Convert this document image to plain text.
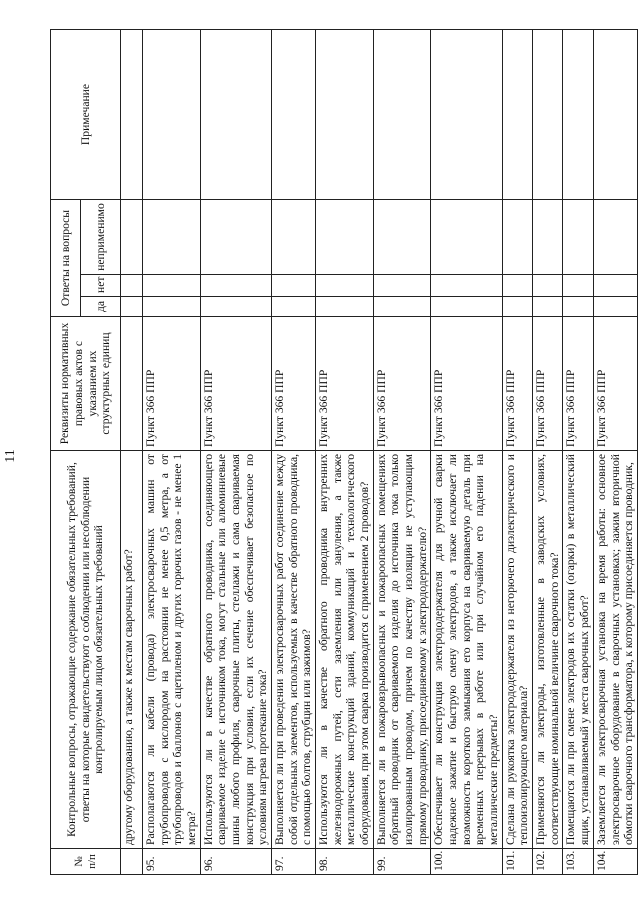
11
№ п/п	Контрольные вопросы, отражающие содержание обязательных требований, ответы на которые свидетельствуют о соблюдении или несоблюдении контролируемым лицом обязательных требований	Реквизиты нормативных правовых актов с указанием их структурных единиц	Ответы на вопросы			Примечание
			да	нет	неприменимо	
	другому оборудованию, а также к местам сварочных работ?					
95.	Располагаются ли кабели (провода) электросварочных машин от трубопроводов с кислородом на расстоянии не менее 0,5 метра, а от трубопроводов и баллонов с ацетиленом и других горючих газов - не менее 1 метра?	Пункт 366 ППР				
96.	Используются ли в качестве обратного проводника, соединяющего свариваемое изделие с источником тока, могут стальные или алюминиевые шины любого профиля, сварочные плиты, стеллажи и сама свариваемая конструкция при условии, если их сечение обеспечивает безопасное по условиям нагрева протекание тока?	Пункт 366 ППР				
97.	Выполняется ли при проведении электросварочных работ соединение между собой отдельных элементов, используемых в качестве обратного проводника, с помощью болтов, струбцин или зажимов?	Пункт 366 ППР				
98.	Используются ли в качестве обратного проводника внутренних железнодорожных путей, сети заземления или зануления, а также металлические конструкций зданий, коммуникаций и технологического оборудования, при этом сварка производится с применением 2 проводов?	Пункт 366 ППР				
99.	Выполняется ли в пожаровзрывоопасных и пожароопасных помещениях обратный проводник от свариваемого изделия до источника тока только изолированным проводом, причем по качеству изоляции не уступающим прямому проводнику, присоединяемому к электрододержателю?	Пункт 366 ППР				
100.	Обеспечивает ли конструкция электрододержателя для ручной сварки надежное зажатие и быструю смену электродов, а также исключает ли возможность короткого замыкания его корпуса на свариваемую деталь при временных перерывах в работе или при случайном его падении на металлические предметы?	Пункт 366 ППР				
101.	Сделана ли рукоятка электрододержателя из негорючего диэлектрического и теплоизолирующего материала?	Пункт 366 ППР				
102.	Применяются ли электроды, изготовленные в заводских условиях, соответствующие номинальной величине сварочного тока?	Пункт 366 ППР				
103.	Помещаются ли при смене электродов их остатки (огарки) в металлический ящик, устанавливаемый у места сварочных работ?	Пункт 366 ППР				
104.	Заземляется ли электросварочная установка на время работы: основное электросварочное оборудование в сварочных установках; зажим вторичной обмотки сварочного трансформатора, к которому присоединяется проводник,	Пункт 366 ППР				
